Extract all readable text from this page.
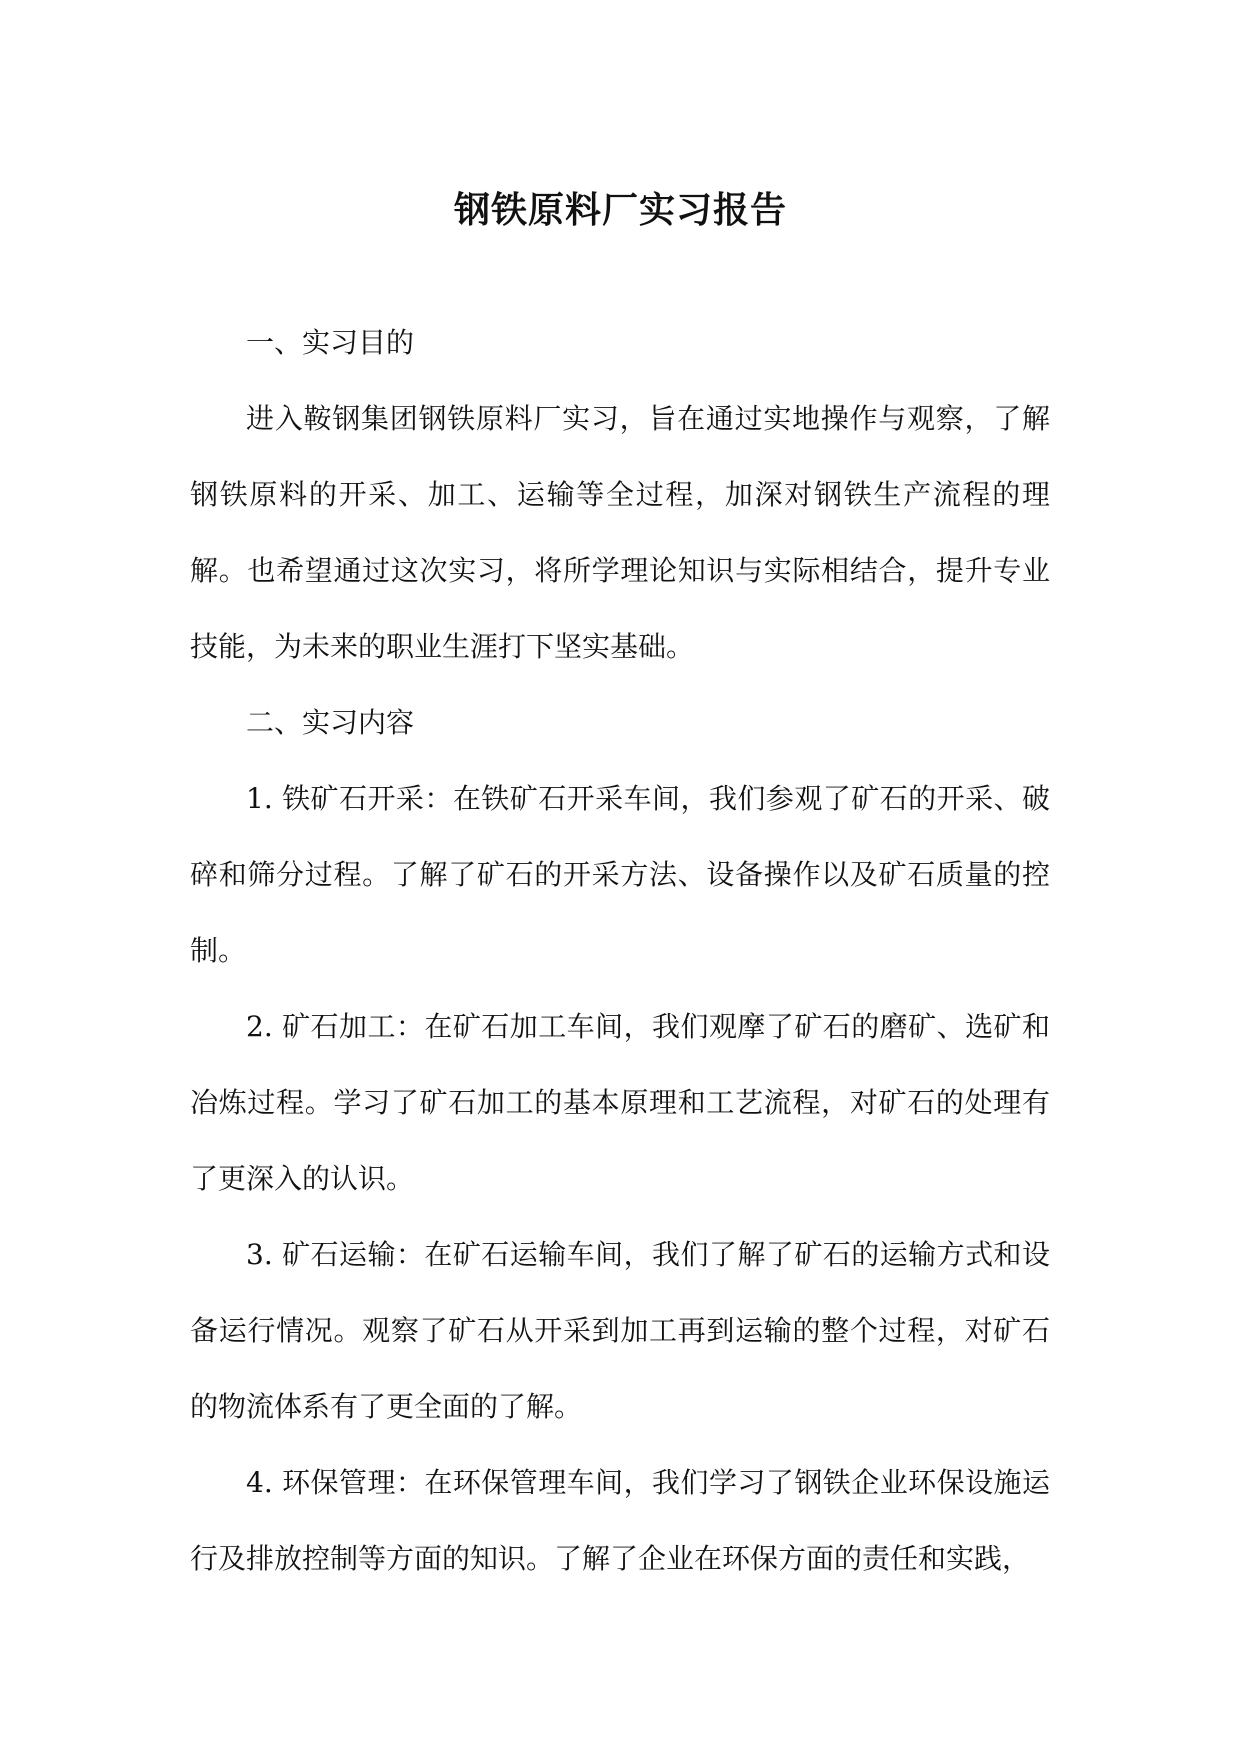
钢铁原料厂实习报告

一、实习目的

进入鞍钢集团钢铁原料厂实习，旨在通过实地操作与观察，了解钢铁原料的开采、加工、运输等全过程，加深对钢铁生产流程的理解。也希望通过这次实习，将所学理论知识与实际相结合，提升专业技能，为未来的职业生涯打下坚实基础。

二、实习内容

1. 铁矿石开采：在铁矿石开采车间，我们参观了矿石的开采、破碎和筛分过程。了解了矿石的开采方法、设备操作以及矿石质量的控制。

2. 矿石加工：在矿石加工车间，我们观摩了矿石的磨矿、选矿和冶炼过程。学习了矿石加工的基本原理和工艺流程，对矿石的处理有了更深入的认识。

3. 矿石运输：在矿石运输车间，我们了解了矿石的运输方式和设备运行情况。观察了矿石从开采到加工再到运输的整个过程，对矿石的物流体系有了更全面的了解。

4. 环保管理：在环保管理车间，我们学习了钢铁企业环保设施运行及排放控制等方面的知识。了解了企业在环保方面的责任和实践，
